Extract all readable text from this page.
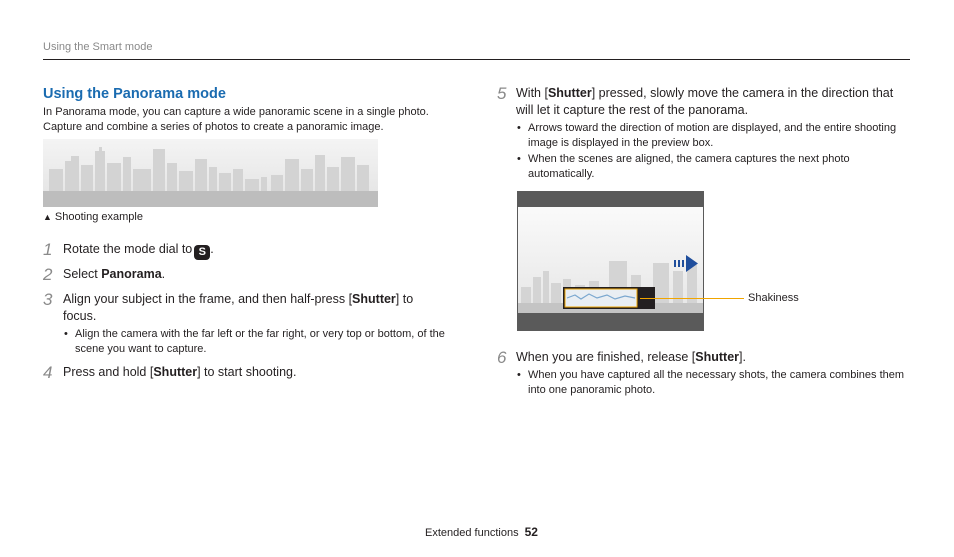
Using the Smart mode
Using the Panorama mode
In Panorama mode, you can capture a wide panoramic scene in a single photo. Capture and combine a series of photos to create a panoramic image.
▲ Shooting example
1 Rotate the mode dial to S .
2 Select Panorama.
3 Align your subject in the frame, and then half-press [Shutter] to focus.
• Align the camera with the far left or the far right, or very top or bottom, of the scene you want to capture.
4 Press and hold [Shutter] to start shooting.
5 With [Shutter] pressed, slowly move the camera in the direction that will let it capture the rest of the panorama.
• Arrows toward the direction of motion are displayed, and the entire shooting image is displayed in the preview box.
• When the scenes are aligned, the camera captures the next photo automatically.
Shakiness
6 When you are finished, release [Shutter].
• When you have captured all the necessary shots, the camera combines them into one panoramic photo.
Extended functions 52
